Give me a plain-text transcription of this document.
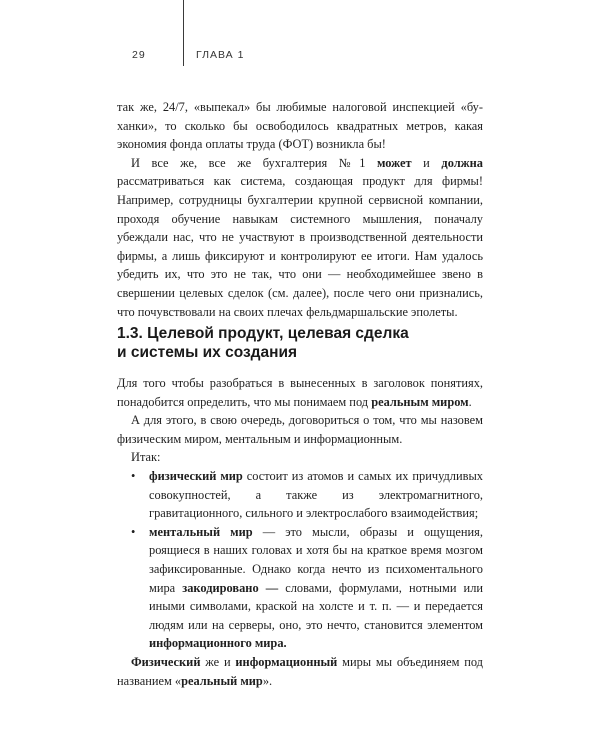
29	ГЛАВА 1

так же, 24/7, «выпекал» бы любимые налоговой инспекцией «бу-ханки», то сколько бы освободилось квадратных метров, какая экономия фонда оплаты труда (ФОТ) возникла бы!

И все же, все же бухгалтерия №1 может и должна рассматриваться как система, создающая продукт для фирмы! Например, сотрудницы бухгалтерии крупной сервисной компании, проходя обучение навыкам системного мышления, поначалу убеждали нас, что не участвуют в производственной деятельности фирмы, а лишь фиксируют и контролируют ее итоги. Нам удалось убедить их, что это не так, что они — необходимейшее звено в свершении целевых сделок (см. далее), после чего они признались, что почувствовали на своих плечах фельдмаршальские эполеты.

1.3. Целевой продукт, целевая сделка
и системы их создания

Для того чтобы разобраться в вынесенных в заголовок понятиях, понадобится определить, что мы понимаем под реальным миром.

А для этого, в свою очередь, договориться о том, что мы назовем физическим миром, ментальным и информационным.

Итак:

• физический мир состоит из атомов и самых их причудливых совокупностей, а также из электромагнитного, гравитационного, сильного и электрослабого взаимодействия;
• ментальный мир — это мысли, образы и ощущения, роящиеся в наших головах и хотя бы на краткое время мозгом зафиксированные. Однако когда нечто из психоментального мира закодировано — словами, формулами, нотными или иными символами, краской на холсте и т. п. — и передается людям или на серверы, оно, это нечто, становится элементом информационного мира.

Физический же и информационный миры мы объединяем под названием «реальный мир».
